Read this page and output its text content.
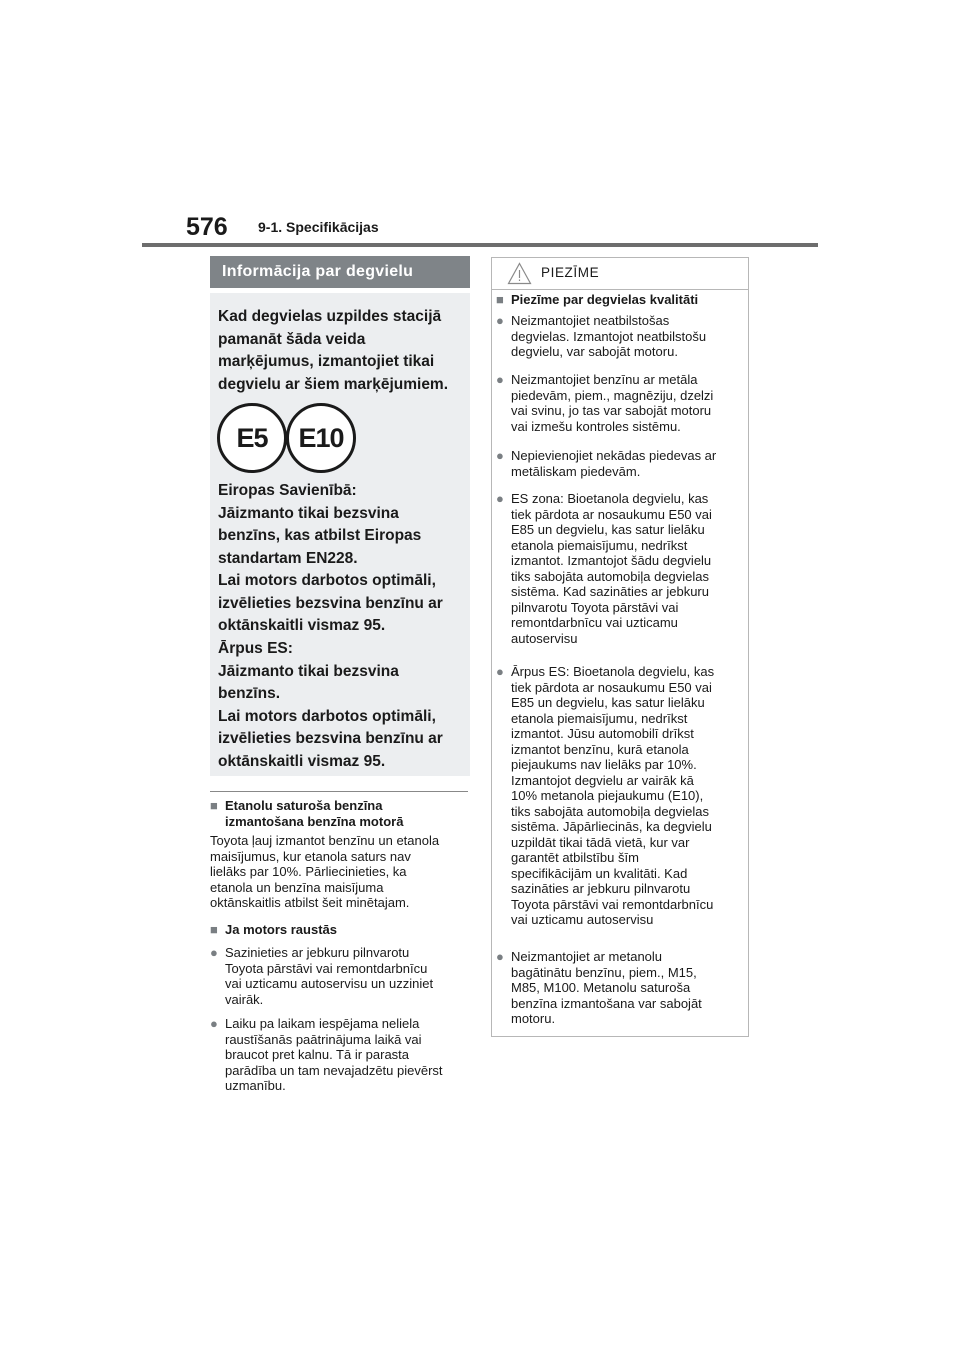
576 9-1. Specifikācijas
Informācija par degvielu
Kad degvielas uzpildes stacijā
pamanāt šāda veida
marķējumus, izmantojiet tikai
degvielu ar šiem marķējumiem.
Eiropas Savienībā:
Jāizmanto tikai bezsvina
benzīns, kas atbilst Eiropas
standartam EN228.
Lai motors darbotos optimāli,
izvēlieties bezsvina benzīnu ar
oktānskaitli vismaz 95.
Ārpus ES:
Jāizmanto tikai bezsvina
benzīns.
Lai motors darbotos optimāli,
izvēlieties bezsvina benzīnu ar
oktānskaitli vismaz 95.
E5	E10
■ Etanolu saturoša benzīna
izmantošana benzīna motorā
Toyota ļauj izmantot benzīnu un etanola
maisījumus, kur etanola saturs nav
lielāks par 10%. Pārliecinieties, ka
etanola un benzīna maisījuma
oktānskaitlis atbilst šeit minētajam.
■ Ja motors raustās
● Sazinieties ar jebkuru pilnvarotu
Toyota pārstāvi vai remontdarbnīcu
vai uzticamu autoservisu un uzziniet
vairāk.
● Laiku pa laikam iespējama neliela
raustīšanās paātrinājuma laikā vai
braucot pret kalnu. Tā ir parasta
parādība un tam nevajadzētu pievērst
uzmanību.
PIEZĪME
■ Piezīme par degvielas kvalitāti
● Neizmantojiet neatbilstošas
degvielas. Izmantojot neatbilstošu
degvielu, var sabojāt motoru.
● Neizmantojiet benzīnu ar metāla
piedevām, piem., magnēziju, dzelzi
vai svinu, jo tas var sabojāt motoru
vai izmešu kontroles sistēmu.
● Nepievienojiet nekādas piedevas ar
metāliskam piedevām.
● ES zona: Bioetanola degvielu, kas
tiek pārdota ar nosaukumu E50 vai
E85 un degvielu, kas satur lielāku
etanola piemaisījumu, nedrīkst
izmantot. Izmantojot šādu degvielu
tiks sabojāta automobiļa degvielas
sistēma. Kad sazināties ar jebkuru
pilnvarotu Toyota pārstāvi vai
remontdarbnīcu vai uzticamu
autoservisu
● Ārpus ES: Bioetanola degvielu, kas
tiek pārdota ar nosaukumu E50 vai
E85 un degvielu, kas satur lielāku
etanola piemaisījumu, nedrīkst
izmantot. Jūsu automobilī drīkst
izmantot benzīnu, kurā etanola
piejaukums nav lielāks par 10%.
Izmantojot degvielu ar vairāk kā
10% metanola piejaukumu (E10),
tiks sabojāta automobiļa degvielas
sistēma. Jāpārliecinās, ka degvielu
uzpildāt tikai tādā vietā, kur var
garantēt atbilstību šīm
specifikācijām un kvalitāti. Kad
sazināties ar jebkuru pilnvarotu
Toyota pārstāvi vai remontdarbnīcu
vai uzticamu autoservisu
● Neizmantojiet ar metanolu
bagātinātu benzīnu, piem., M15,
M85, M100. Metanolu saturoša
benzīna izmantošana var sabojāt
motoru.
